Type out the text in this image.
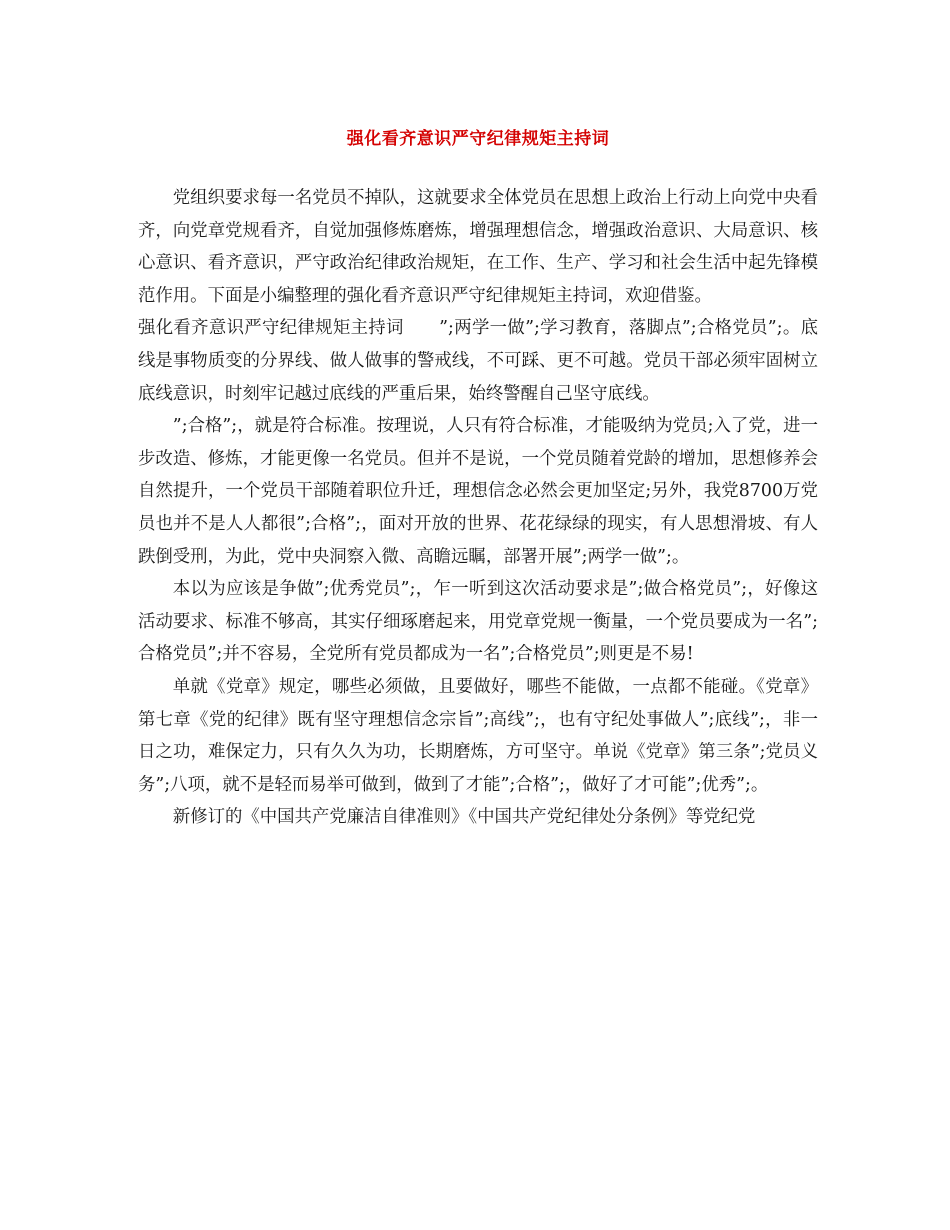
强化看齐意识严守纪律规矩主持词

党组织要求每一名党员不掉队，这就要求全体党员在思想上政治上行动上向党中央看齐，向党章党规看齐，自觉加强修炼磨炼，增强理想信念，增强政治意识、大局意识、核心意识、看齐意识，严守政治纪律政治规矩，在工作、生产、学习和社会生活中起先锋模范作用。下面是小编整理的强化看齐意识严守纪律规矩主持词，欢迎借鉴。

强化看齐意识严守纪律规矩主持词　　”;两学一做”;学习教育，落脚点”;合格党员”;。底线是事物质变的分界线、做人做事的警戒线，不可踩、更不可越。党员干部必须牢固树立底线意识，时刻牢记越过底线的严重后果，始终警醒自己坚守底线。

”;合格”;，就是符合标准。按理说，人只有符合标准，才能吸纳为党员;入了党，进一步改造、修炼，才能更像一名党员。但并不是说，一个党员随着党龄的增加，思想修养会自然提升，一个党员干部随着职位升迁，理想信念必然会更加坚定;另外，我党8700万党员也并不是人人都很”;合格”;，面对开放的世界、花花绿绿的现实，有人思想滑坡、有人跌倒受刑，为此，党中央洞察入微、高瞻远瞩，部署开展”;两学一做”;。

本以为应该是争做”;优秀党员”;，乍一听到这次活动要求是”;做合格党员”;，好像这活动要求、标准不够高，其实仔细琢磨起来，用党章党规一衡量，一个党员要成为一名”;合格党员”;并不容易，全党所有党员都成为一名”;合格党员”;则更是不易!

单就《党章》规定，哪些必须做，且要做好，哪些不能做，一点都不能碰。《党章》第七章《党的纪律》既有坚守理想信念宗旨”;高线”;，也有守纪处事做人”;底线”;，非一日之功，难保定力，只有久久为功，长期磨炼，方可坚守。单说《党章》第三条”;党员义务”;八项，就不是轻而易举可做到，做到了才能”;合格”;，做好了才可能”;优秀”;。

新修订的《中国共产党廉洁自律准则》《中国共产党纪律处分条例》等党纪党
